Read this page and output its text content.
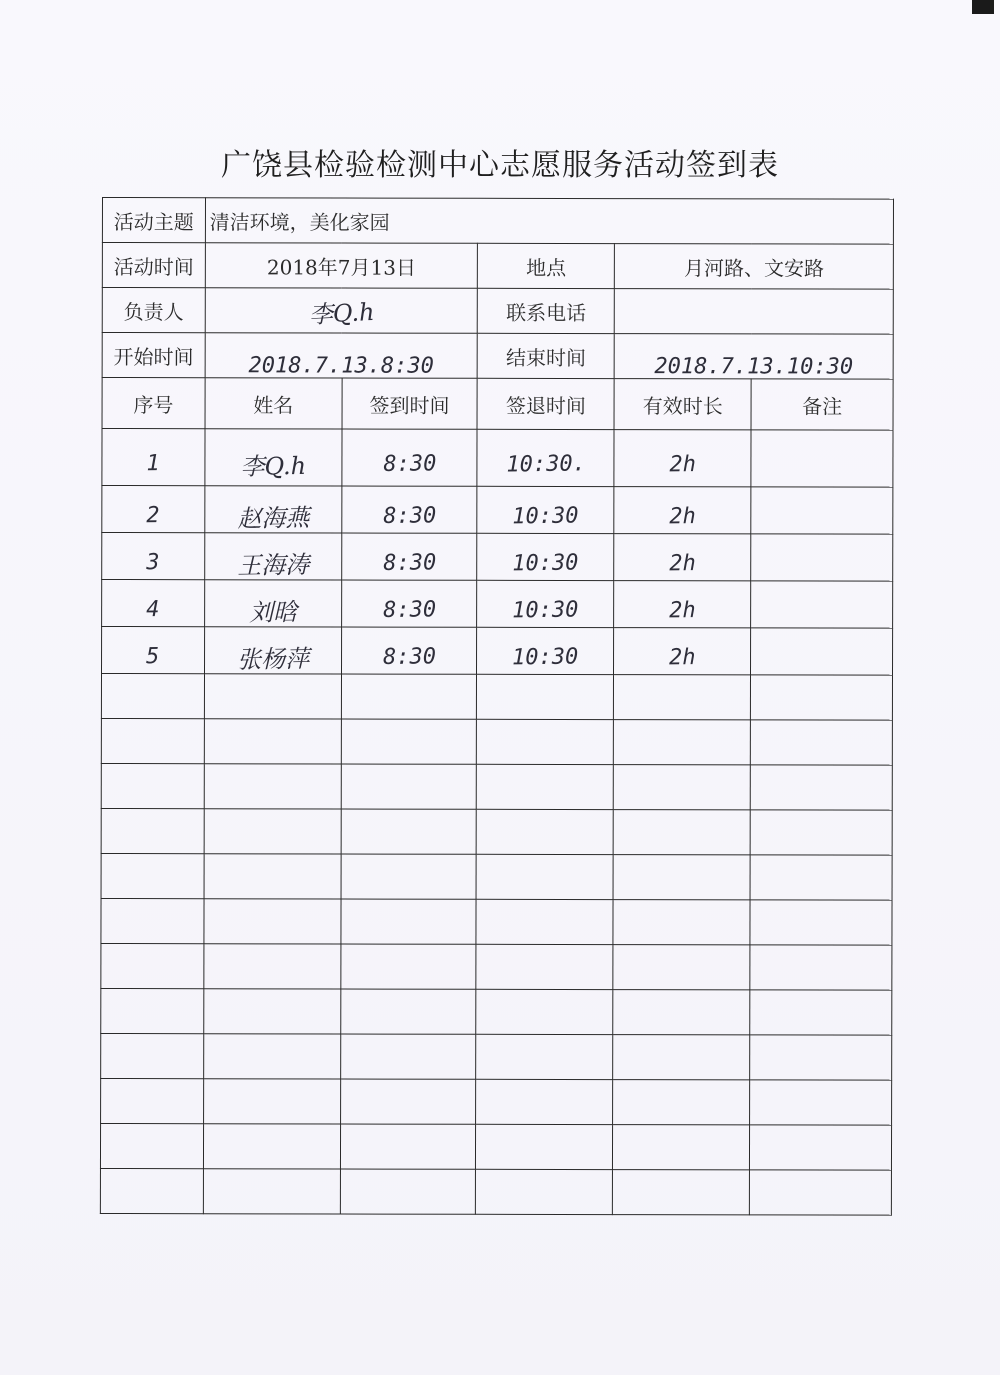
广饶县检验检测中心志愿服务活动签到表
活动主题	清洁环境，美化家园				
活动时间	2018年7月13日		地点	月河路、文安路	
负责人	李Q.h		联系电话		
开始时间	2018.7.13.8:30		结束时间	2018.7.13.10:30	
序号	姓名	签到时间	签退时间	有效时长	备注
1	李Q.h	8:30	10:30.	2h	
2	赵海燕	8:30	10:30	2h	
3	王海涛	8:30	10:30	2h	
4	刘晗	8:30	10:30	2h	
5	张杨萍	8:30	10:30	2h	
